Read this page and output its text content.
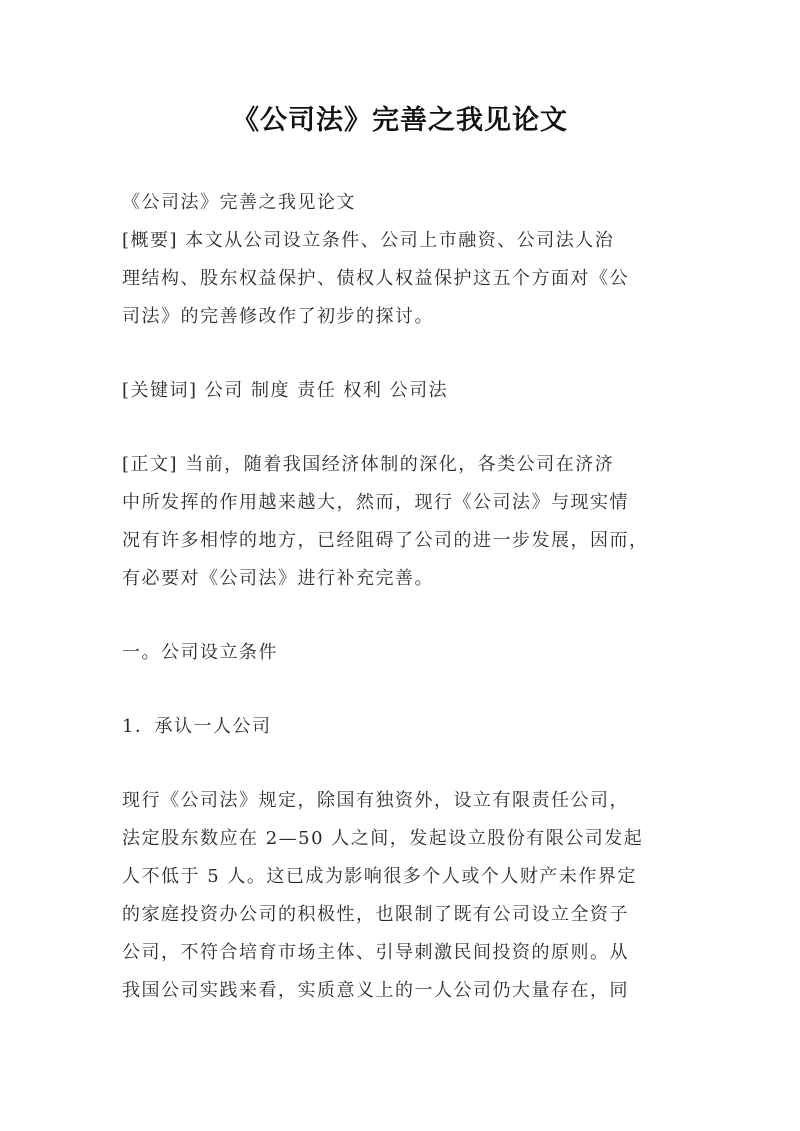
《公司法》完善之我见论文

《公司法》完善之我见论文

[概要] 本文从公司设立条件、公司上市融资、公司法人治

理结构、股东权益保护、债权人权益保护这五个方面对《公

司法》的完善修改作了初步的探讨。

[关键词] 公司 制度 责任 权利 公司法

[正文] 当前，随着我国经济体制的深化，各类公司在济济

中所发挥的作用越来越大，然而，现行《公司法》与现实情

况有许多相悖的地方，已经阻碍了公司的进一步发展，因而，

有必要对《公司法》进行补充完善。

一。公司设立条件

1．承认一人公司

现行《公司法》规定，除国有独资外，设立有限责任公司，

法定股东数应在 2—50 人之间，发起设立股份有限公司发起

人不低于 5 人。这已成为影响很多个人或个人财产未作界定

的家庭投资办公司的积极性，也限制了既有公司设立全资子

公司，不符合培育市场主体、引导刺激民间投资的原则。从

我国公司实践来看，实质意义上的一人公司仍大量存在，同
